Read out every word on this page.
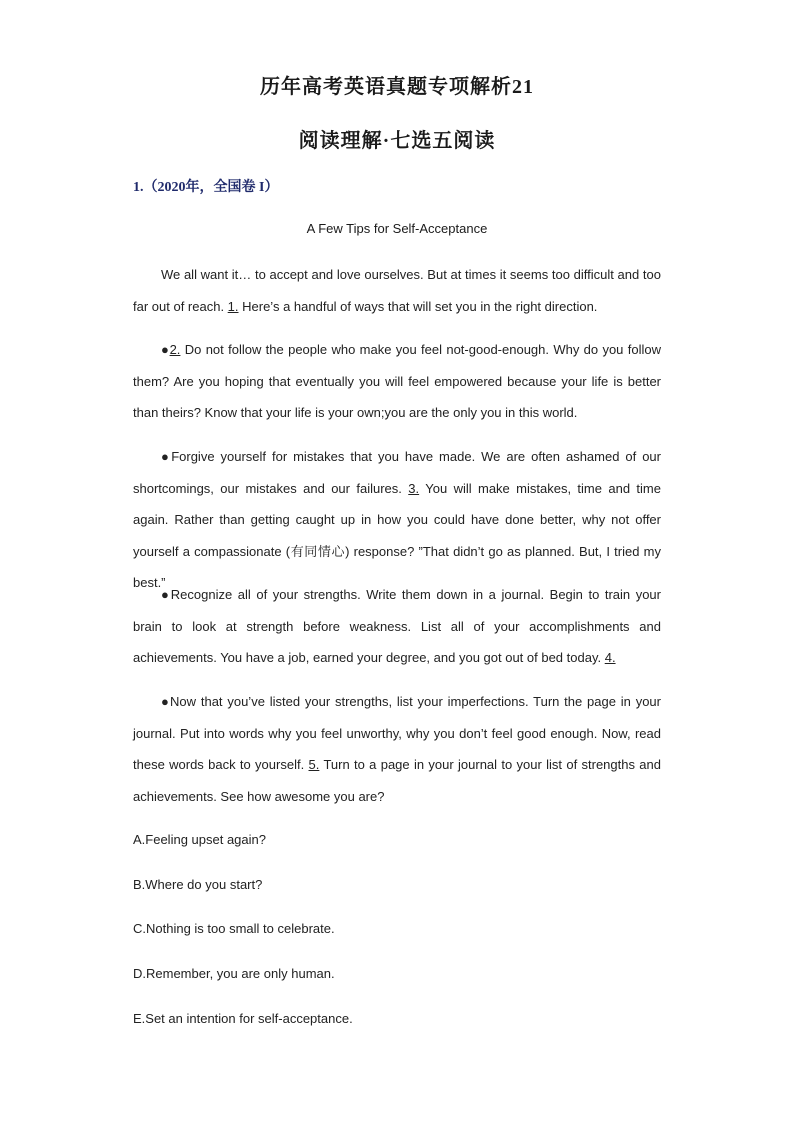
历年高考英语真题专项解析21
阅读理解·七选五阅读
1.（2020年，全国卷 I）
A Few Tips for Self-Acceptance
We all want it… to accept and love ourselves. But at times it seems too difficult and too far out of reach. 1. Here’s a handful of ways that will set you in the right direction.
●2. Do not follow the people who make you feel not-good-enough. Why do you follow them? Are you hoping that eventually you will feel empowered because your life is better than theirs? Know that your life is your own;you are the only you in this world.
●Forgive yourself for mistakes that you have made. We are often ashamed of our shortcomings, our mistakes and our failures. 3. You will make mistakes, time and time again. Rather than getting caught up in how you could have done better, why not offer yourself a compassionate (有同情心) response? ”That didn’t go as planned. But, I tried my best.”
●Recognize all of your strengths. Write them down in a journal. Begin to train your brain to look at strength before weakness. List all of your accomplishments and achievements. You have a job, earned your degree, and you got out of bed today. 4.
●Now that you’ve listed your strengths, list your imperfections. Turn the page in your journal. Put into words why you feel unworthy, why you don’t feel good enough. Now, read these words back to yourself. 5. Turn to a page in your journal to your list of strengths and achievements. See how awesome you are?
A.Feeling upset again?
B.Where do you start?
C.Nothing is too small to celebrate.
D.Remember, you are only human.
E.Set an intention for self-acceptance.
